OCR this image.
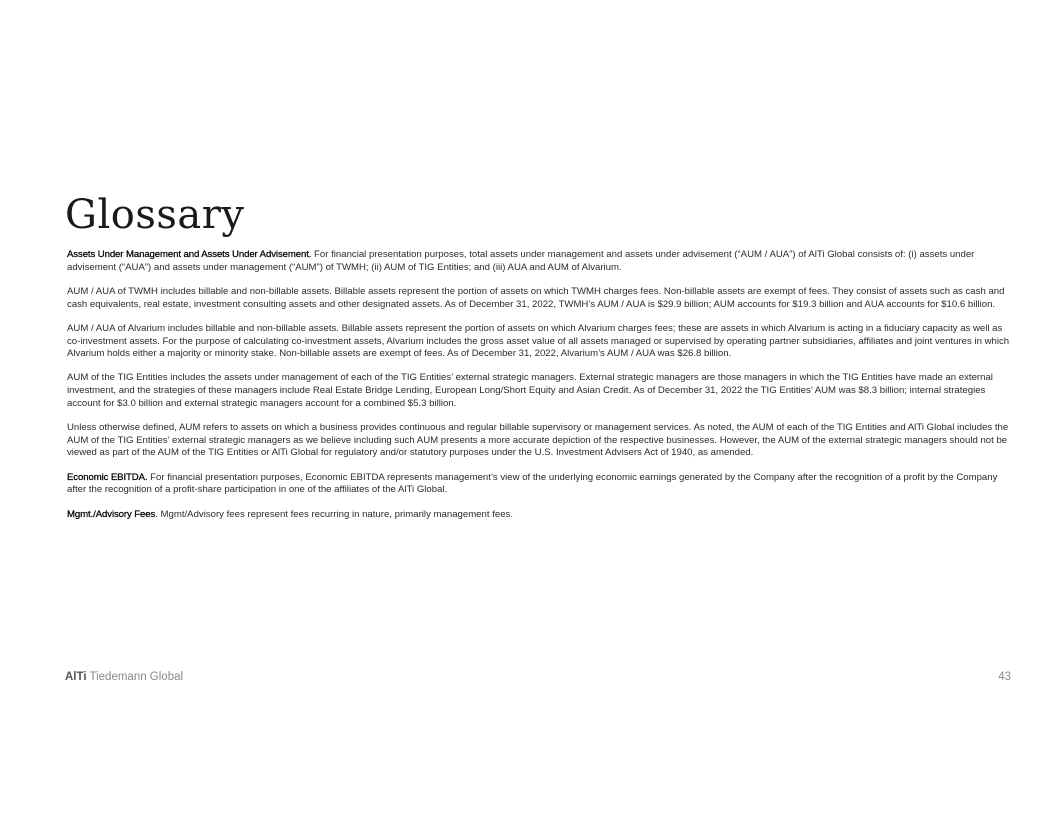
Glossary

Assets Under Management and Assets Under Advisement. For financial presentation purposes, total assets under management and assets under advisement (“AUM / AUA”) of AlTi Global consists of: (i) assets under advisement (“AUA”) and assets under management (“AUM”) of TWMH; (ii) AUM of TIG Entities; and (iii) AUA and AUM of Alvarium.

AUM / AUA of TWMH includes billable and non-billable assets. Billable assets represent the portion of assets on which TWMH charges fees. Non-billable assets are exempt of fees. They consist of assets such as cash and cash equivalents, real estate, investment consulting assets and other designated assets. As of December 31, 2022, TWMH’s AUM / AUA is $29.9 billion; AUM accounts for $19.3 billion and AUA accounts for $10.6 billion.

AUM / AUA of Alvarium includes billable and non-billable assets. Billable assets represent the portion of assets on which Alvarium charges fees; these are assets in which Alvarium is acting in a fiduciary capacity as well as co-investment assets. For the purpose of calculating co-investment assets, Alvarium includes the gross asset value of all assets managed or supervised by operating partner subsidiaries, affiliates and joint ventures in which Alvarium holds either a majority or minority stake. Non-billable assets are exempt of fees. As of December 31, 2022, Alvarium’s AUM / AUA was $26.8 billion.

AUM of the TIG Entities includes the assets under management of each of the TIG Entities’ external strategic managers. External strategic managers are those managers in which the TIG Entities have made an external investment, and the strategies of these managers include Real Estate Bridge Lending, European Long/Short Equity and Asian Credit. As of December 31, 2022 the TIG Entities’ AUM was $8.3 billion; internal strategies account for $3.0 billion and external strategic managers account for a combined $5.3 billion.

Unless otherwise defined, AUM refers to assets on which a business provides continuous and regular billable supervisory or management services. As noted, the AUM of each of the TIG Entities and AlTi Global includes the AUM of the TIG Entities’ external strategic managers as we believe including such AUM presents a more accurate depiction of the respective businesses. However, the AUM of the external strategic managers should not be viewed as part of the AUM of the TIG Entities or AlTi Global for regulatory and/or statutory purposes under the U.S. Investment Advisers Act of 1940, as amended.

Economic EBITDA. For financial presentation purposes, Economic EBITDA represents management’s view of the underlying economic earnings generated by the Company after the recognition of a profit by the Company after the recognition of a profit-share participation in one of the affiliates of the AlTi Global.

Mgmt./Advisory Fees. Mgmt/Advisory fees represent fees recurring in nature, primarily management fees.

AlTi Tiedemann Global	43
